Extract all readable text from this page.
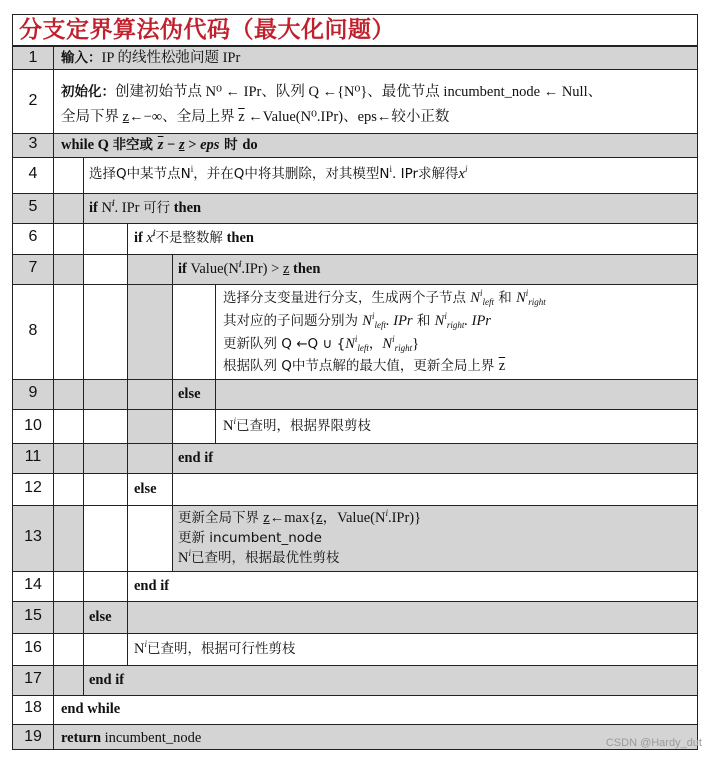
分支定界算法伪代码（最大化问题）
1
2
3
4
5
6
7
8
9
10
11
12
13
14
15
16
17
18
19
输入：IP 的线性松弛问题 IPr
初始化：创建初始节点 N⁰ ← IPr、队列 Q ←{N⁰}、最优节点 incumbent_node ← Null、
全局下界 z←−∞、全局上界 $\overline{z}$ ←Value(N⁰.IPr)、eps←较小正数
while Q 非空或 $\overline{z} - z$ > eps 时 do
选择Q中某节点$N^i$，并在Q中将其删除，对其模型$N^i$. IPr求解得$x^i$
if $N^i$. IPr 可行 then
if $x^i$不是整数解 then
if $Value(N^i.IPr) > z$ then
选择分支变量进行分支，生成两个子节点 $N^i_{left}$ 和 $N^i_{right}$
其对应的子问题分别为 $N^i_{left}$. IPr 和 $N^i_{right}$. IPr
更新队列 Q ←Q ∪ {$N^i_{left}$，$N^i_{right}$}
根据队列 Q中节点解的最大值，更新全局上界 $\overline{z}$
else
$N^i$已查明，根据界限剪枝
end if
else
更新全局下界 z←max{z，$Value(N^i.IPr)$}
更新 incumbent_node
$N^i$已查明，根据最优性剪枝
end if
else
$N^i$已查明，根据可行性剪枝
end if
end while
return incumbent_node	CSDN @Hardy_dut
